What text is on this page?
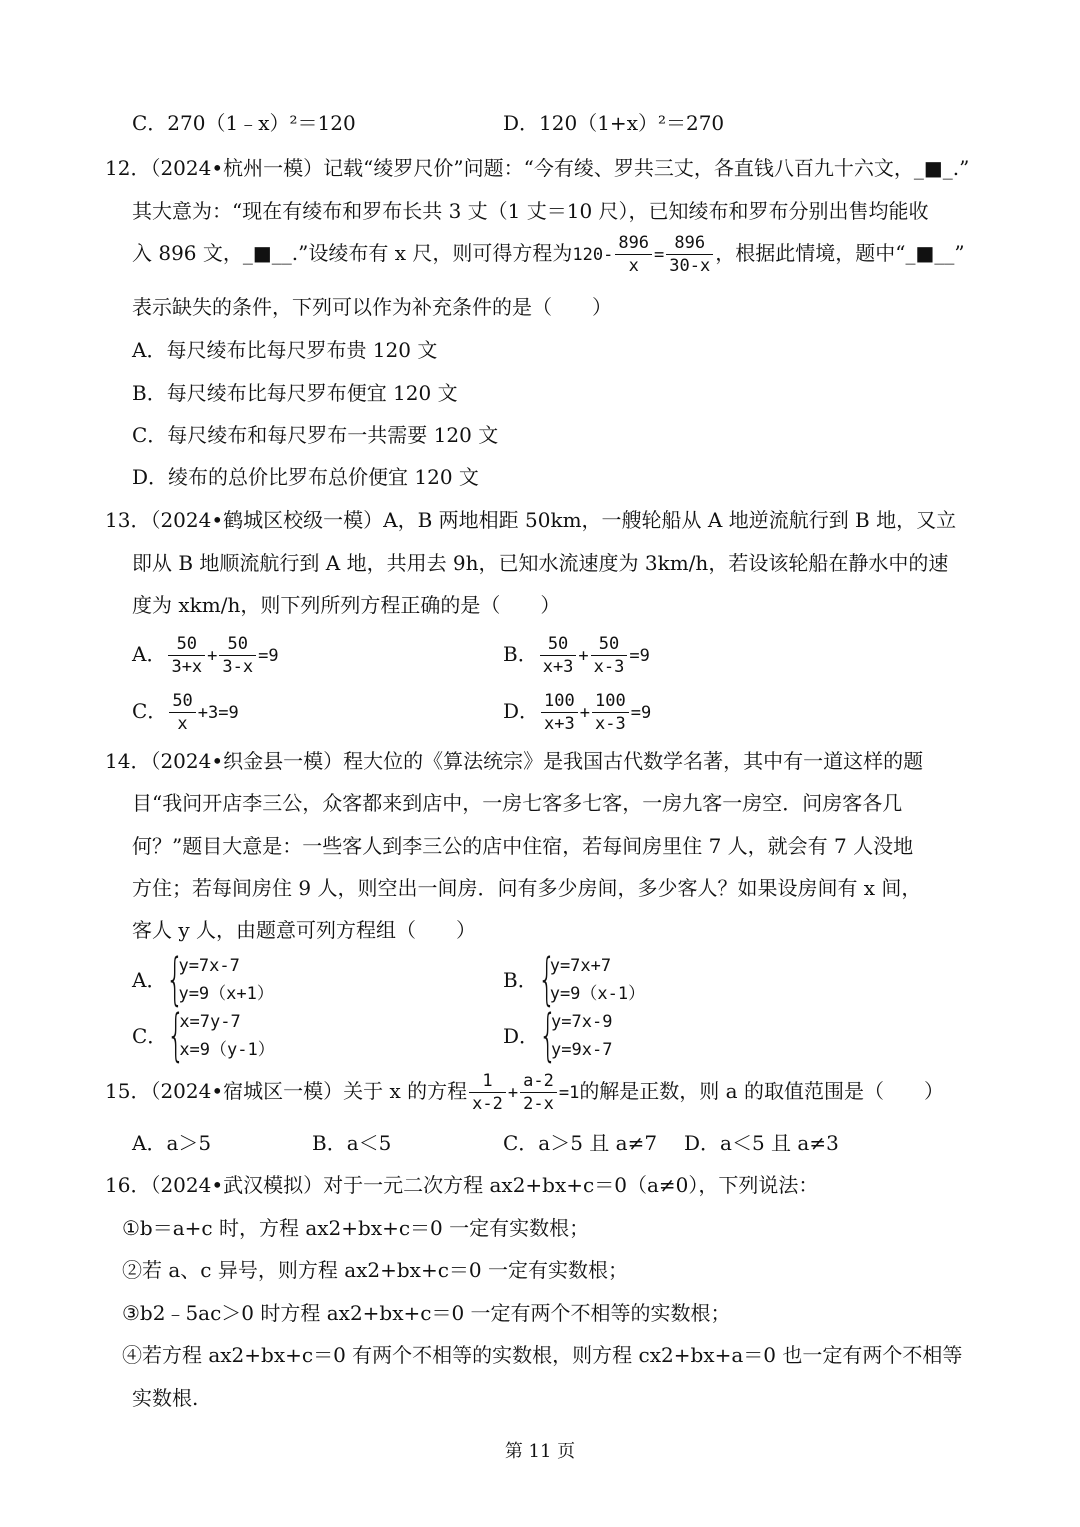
C．270（1﹣x）²＝120	D．120（1+x）²＝270
12．（2024•杭州一模）记载“绫罗尺价”问题：“今有绫、罗共三丈，各直钱八百九十六文，_■_.”
其大意为：“现在有绫布和罗布长共 3 丈（1 丈＝10 尺），已知绫布和罗布分别出售均能收
入 896 文，_■__.”设绫布有 x 尺，则可得方程为$120- \frac{896}{x} = \frac{896}{30-x}$ ，根据此情境，题中“_■__”
表示缺失的条件，下列可以作为补充条件的是（　　）
A．每尺绫布比每尺罗布贵 120 文
B．每尺绫布比每尺罗布便宜 120 文
C．每尺绫布和每尺罗布一共需要 120 文
D．绫布的总价比罗布总价便宜 120 文
13．（2024•鹤城区校级一模）A，B 两地相距 50km，一艘轮船从 A 地逆流航行到 B 地，又立
即从 B 地顺流航行到 A 地，共用去 9h，已知水流速度为 3km/h，若设该轮船在静水中的速
度为 xkm/h，则下列所列方程正确的是（　　）
A． $\frac{50}{3+x} + \frac{50}{3-x} =9$	B． $\frac{50}{x+3} + \frac{50}{x-3} =9$
C． $\frac{50}{x} +3=9$	D． $\frac{100}{x+3} + \frac{100}{x-3} =9$
14．（2024•织金县一模）程大位的《算法统宗》是我国古代数学名著，其中有一道这样的题
目“我问开店李三公，众客都来到店中，一房七客多七客，一房九客一房空．问房客各几
何？”题目大意是：一些客人到李三公的店中住宿，若每间房里住 7 人，就会有 7 人没地
方住；若每间房住 9 人，则空出一间房．问有多少房间，多少客人？如果设房间有 x 间，
客人 y 人，由题意可列方程组（　　）
A． {
y=7x-7
y=9（x+1）
B． {
y=7x+7
y=9（x-1）
C． {
x=7y-7
x=9（y-1）
D． {
y=7x-9
y=9x-7
15．（2024•宿城区一模）关于 x 的方程 $\frac{1}{x-2} + \frac{a-2}{2-x} =1$的解是正数，则 a 的取值范围是（　　）
A．a＞5	B．a＜5	C．a＞5 且 a≠7 D．a＜5 且 a≠3
16．（2024•武汉模拟）对于一元二次方程 ax2+bx+c＝0（a≠0），下列说法：
①b＝a+c 时，方程 ax2+bx+c＝0 一定有实数根；
②若 a、c 异号，则方程 ax2+bx+c＝0 一定有实数根；
③b2﹣5ac＞0 时方程 ax2+bx+c＝0 一定有两个不相等的实数根；
④若方程 ax2+bx+c＝0 有两个不相等的实数根，则方程 cx2+bx+a＝0 也一定有两个不相等
实数根.
第 11 页
